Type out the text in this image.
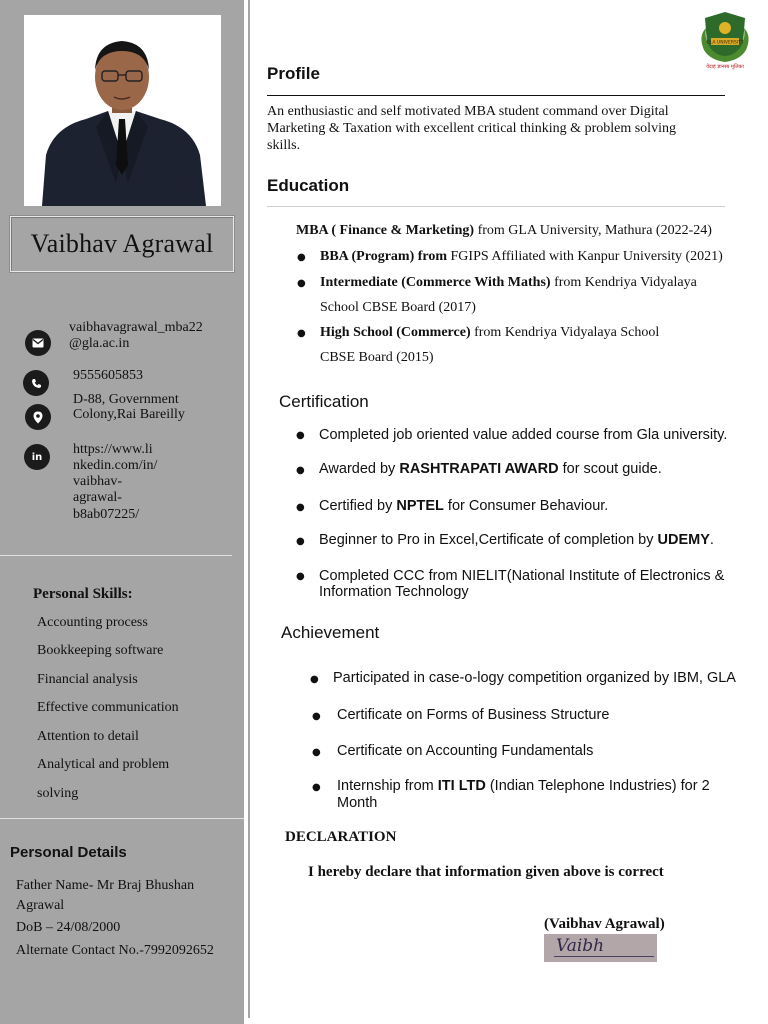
Vaibhav Agrawal
vaibhavagrawal_mba22
@gla.ac.in
9555605853
D-88, Government
Colony,Rai Bareilly
in https://www.li
nkedin.com/in/
vaibhav-
agrawal-
b8ab07225/
Personal Skills:
Accounting process
Bookkeeping software
Financial analysis
Effective communication
Attention to detail
Analytical and problem
solving
Personal Details
Father Name- Mr Braj Bhushan
Agrawal
DoB – 24/08/2000
Alternate Contact No.-7992092652
GLA UNIVERSITY
वेदाहं ज्ञानस्य मूलिका
Profile
An enthusiastic and self motivated MBA student command over Digital
Marketing & Taxation with excellent critical thinking & problem solving
skills.
Education
MBA ( Finance & Marketing) from GLA University, Mathura (2022-24)
● BBA (Program) from FGIPS Affiliated with Kanpur University (2021)
● Intermediate (Commerce With Maths) from Kendriya Vidyalaya
School CBSE Board (2017)
● High School (Commerce) from Kendriya Vidyalaya School
CBSE Board (2015)
Certification
● Completed job oriented value added course from Gla university.
● Awarded by RASHTRAPATI AWARD for scout guide.
● Certified by NPTEL for Consumer Behaviour.
● Beginner to Pro in Excel,Certificate of completion by UDEMY.
● Completed CCC from NIELIT(National Institute of Electronics &
Information Technology
Achievement
● Participated in case-o-logy competition organized by IBM, GLA
● Certificate on Forms of Business Structure
● Certificate on Accounting Fundamentals
● Internship from ITI LTD (Indian Telephone Industries) for 2
Month
DECLARATION
I hereby declare that information given above is correct
(Vaibhav Agrawal)
Vaibh
